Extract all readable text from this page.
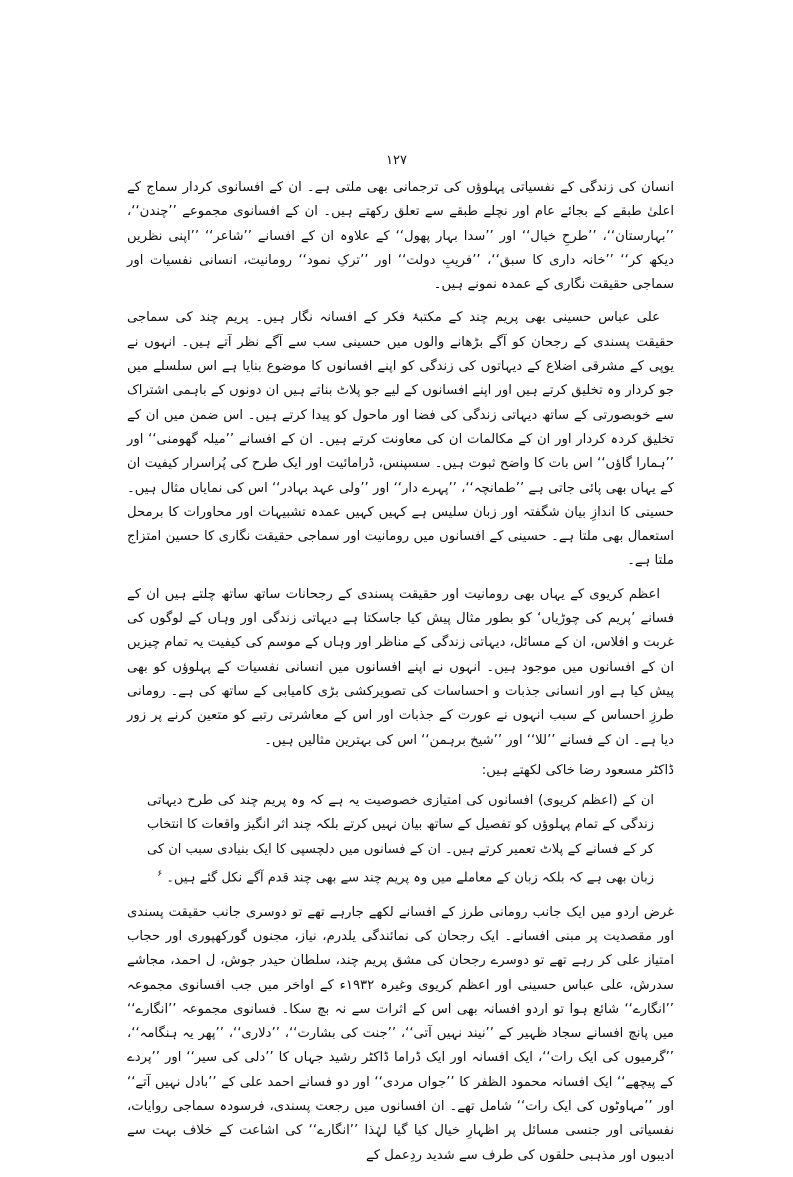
۱۲۷

انسان کی زندگی کے نفسیاتی پہلوؤں کی ترجمانی بھی ملتی ہے۔ ان کے افسانوی کردار سماج کے اعلیٰ طبقے کے بجائے عام اور نچلے طبقے سے تعلق رکھتے ہیں۔ ان کے افسانوی مجموعے ’’چندن‘‘، ’’بہارستان‘‘، ’’طرحِ خیال‘‘ اور ’’سدا بہار پھول‘‘ کے علاوہ ان کے افسانے ’’شاعر‘‘ ’’اپنی نظریں دیکھ کر‘‘ ’’خانہ داری کا سبق‘‘، ’’فریبِ دولت‘‘ اور ’’ترکِ نمود‘‘ رومانیت، انسانی نفسیات اور سماجی حقیقت نگاری کے عمدہ نمونے ہیں۔

علی عباس حسینی بھی پریم چند کے مکتبۂ فکر کے افسانہ نگار ہیں۔ پریم چند کی سماجی حقیقت پسندی کے رجحان کو آگے بڑھانے والوں میں حسینی سب سے آگے نظر آتے ہیں۔ انہوں نے یوپی کے مشرقی اضلاع کے دیہاتوں کی زندگی کو اپنے افسانوں کا موضوع بنایا ہے اس سلسلے میں جو کردار وہ تخلیق کرتے ہیں اور اپنے افسانوں کے لیے جو پلاٹ بناتے ہیں ان دونوں کے باہمی اشتراک سے خوبصورتی کے ساتھ دیہاتی زندگی کی فضا اور ماحول کو پیدا کرتے ہیں۔ اس ضمن میں ان کے تخلیق کردہ کردار اور ان کے مکالمات ان کی معاونت کرتے ہیں۔ ان کے افسانے ’’میلہ گھومنی‘‘ اور ’’ہمارا گاؤں‘‘ اس بات کا واضح ثبوت ہیں۔ سسپنس، ڈرامائیت اور ایک طرح کی پُراسرار کیفیت ان کے یہاں بھی پائی جاتی ہے ’’طمانچہ‘‘، ’’پہرے دار‘‘ اور ’’ولی عہد بہادر‘‘ اس کی نمایاں مثال ہیں۔ حسینی کا اندازِ بیان شگفتہ اور زبان سلیس ہے کہیں کہیں عمدہ تشبیہات اور محاورات کا برمحل استعمال بھی ملتا ہے۔ حسینی کے افسانوں میں رومانیت اور سماجی حقیقت نگاری کا حسین امتزاج ملتا ہے۔

اعظم کریوی کے یہاں بھی رومانیت اور حقیقت پسندی کے رجحانات ساتھ ساتھ چلتے ہیں ان کے فسانے ’پریم کی چوڑیاں‘ کو بطور مثال پیش کیا جاسکتا ہے دیہاتی زندگی اور وہاں کے لوگوں کی غربت و افلاس، ان کے مسائل، دیہاتی زندگی کے مناظر اور وہاں کے موسم کی کیفیت یہ تمام چیزیں ان کے افسانوں میں موجود ہیں۔ انہوں نے اپنے افسانوں میں انسانی نفسیات کے پہلوؤں کو بھی پیش کیا ہے اور انسانی جذبات و احساسات کی تصویرکشی بڑی کامیابی کے ساتھ کی ہے۔ رومانی طرزِ احساس کے سبب انہوں نے عورت کے جذبات اور اس کے معاشرتی رتبے کو متعین کرنے پر زور دیا ہے۔ ان کے فسانے ’’للا‘‘ اور ’’شیخ برہمن‘‘ اس کی بہترین مثالیں ہیں۔

ڈاکٹر مسعود رضا خاکی لکھتے ہیں:

ان کے (اعظم کریوی) افسانوں کی امتیازی خصوصیت یہ ہے کہ وہ پریم چند کی طرح دیہاتی زندگی کے تمام پہلوؤں کو تفصیل کے ساتھ بیان نہیں کرتے بلکہ چند اثر انگیز واقعات کا انتخاب کر کے فسانے کے پلاٹ تعمیر کرتے ہیں۔ ان کے فسانوں میں دلچسپی کا ایک بنیادی سبب ان کی زبان بھی ہے کہ بلکہ زبان کے معاملے میں وہ پریم چند سے بھی چند قدم آگے نکل گئے ہیں۔ $^۶$

غرض اردو میں ایک جانب رومانی طرز کے افسانے لکھے جارہے تھے تو دوسری جانب حقیقت پسندی اور مقصدیت پر مبنی افسانے۔ ایک رجحان کی نمائندگی یلدرم، نیاز، مجنوں گورکھپوری اور حجاب امتیاز علی کر رہے تھے تو دوسرے رجحان کی مشق پریم چند، سلطان حیدر جوش، ل احمد، مجاشے سدرش، علی عباس حسینی اور اعظم کریوی وغیرہ ۱۹۳۲ء کے اواخر میں جب افسانوی مجموعہ ’’انگارے‘‘ شائع ہوا تو اردو افسانہ بھی اس کے اثرات سے نہ بچ سکا۔ فسانوی مجموعہ ’’انگارے‘‘ میں پانچ افسانے سجاد ظہیر کے ’’نیند نہیں آتی‘‘، ’’جنت کی بشارت‘‘، ’’دلاری‘‘، ’’پھر یہ ہنگامہ‘‘، ’’گرمیوں کی ایک رات‘‘، ایک افسانہ اور ایک ڈراما ڈاکٹر رشید جہاں کا ’’دلی کی سیر‘‘ اور ’’پردے کے پیچھے‘‘ ایک افسانہ محمود الظفر کا ’’جواں مردی‘‘ اور دو فسانے احمد علی کے ’’بادل نہیں آتے‘‘ اور ’’مہاوٹوں کی ایک رات‘‘ شامل تھے۔ ان افسانوں میں رجعت پسندی، فرسودہ سماجی روایات، نفسیاتی اور جنسی مسائل پر اظہارِ خیال کیا گیا لہٰذا ’’انگارے‘‘ کی اشاعت کے خلاف بہت سے ادیبوں اور مذہبی حلقوں کی طرف سے شدید ردِعمل کے
